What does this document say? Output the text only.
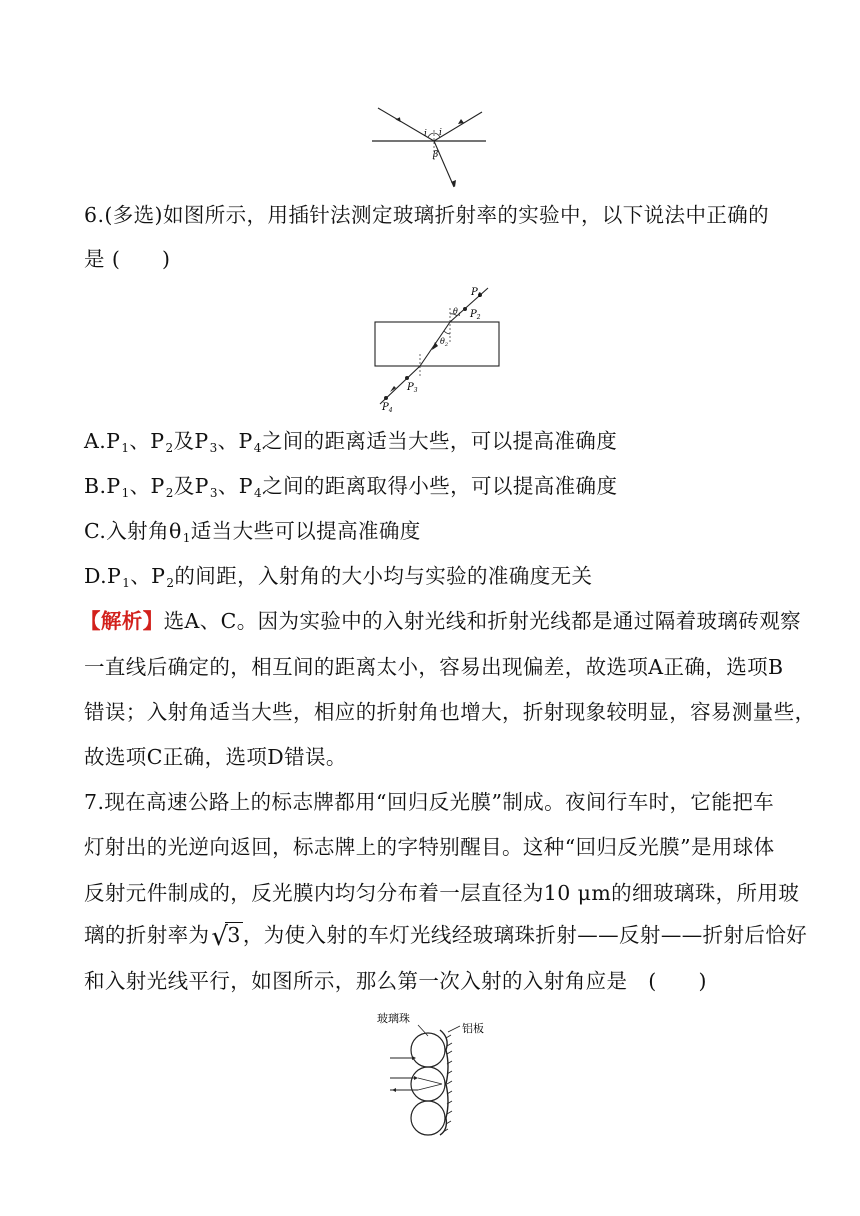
i i
β
6.(多选)如图所示，用插针法测定玻璃折射率的实验中，以下说法中正确的
是 (　　)
$P_1$
$P_2$
$P_3$
$P_4$
$\theta_1$
$\theta_2$
$A.P_1$、$P_2$及$P_3$、$P_4$之间的距离适当大些，可以提高准确度
$B.P_1$、$P_2$及$P_3$、$P_4$之间的距离取得小些，可以提高准确度
C.入射角$\theta_1$适当大些可以提高准确度
$D.P_1$、$P_2$的间距，入射角的大小均与实验的准确度无关
【解析】选A、C。因为实验中的入射光线和折射光线都是通过隔着玻璃砖观察
一直线后确定的，相互间的距离太小，容易出现偏差，故选项A正确，选项B
错误；入射角适当大些，相应的折射角也增大，折射现象较明显，容易测量些，
故选项C正确，选项D错误。
7.现在高速公路上的标志牌都用“回归反光膜”制成。夜间行车时，它能把车
灯射出的光逆向返回，标志牌上的字特别醒目。这种“回归反光膜”是用球体
反射元件制成的，反光膜内均匀分布着一层直径为10 μm的细玻璃珠，所用玻
璃的折射率为√3，为使入射的车灯光线经玻璃珠折射——反射——折射后恰好
和入射光线平行，如图所示，那么第一次入射的入射角应是　(　　)
玻璃珠
铝板
